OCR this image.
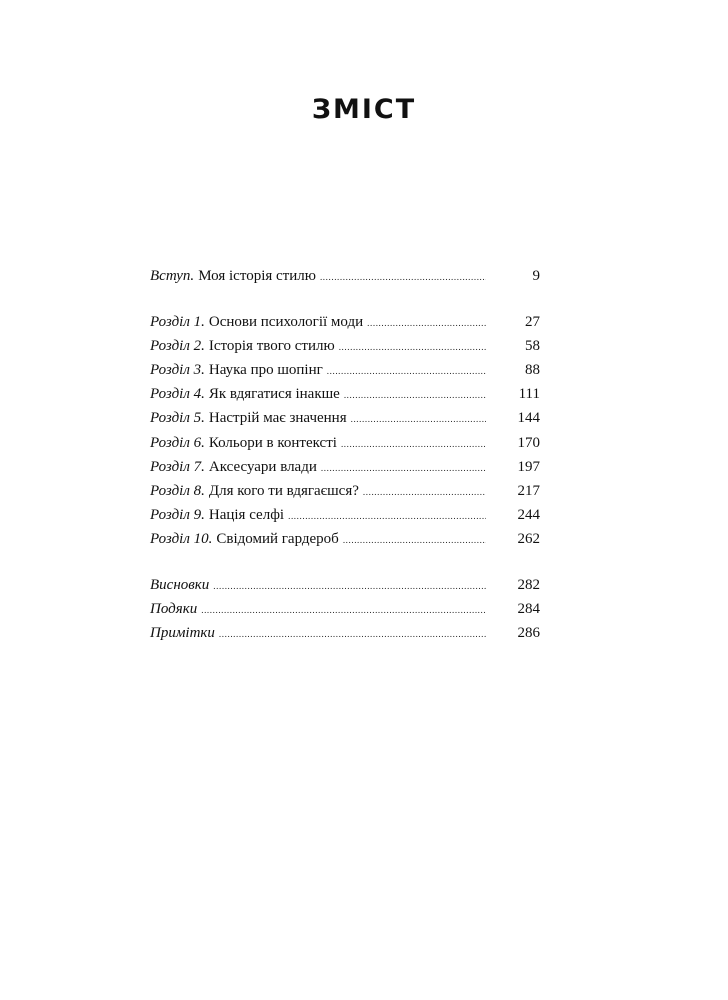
ЗМІСТ
Вступ. Моя історія стилю .....	9
Розділ 1. Основи психології моди .....	27
Розділ 2. Історія твого стилю .....	58
Розділ 3. Наука про шопінг .....	88
Розділ 4. Як вдягатися інакше .....	111
Розділ 5. Настрій має значення .....	144
Розділ 6. Кольори в контексті .....	170
Розділ 7. Аксесуари влади .....	197
Розділ 8. Для кого ти вдягаєшся? .....	217
Розділ 9. Нація селфі .....	244
Розділ 10. Свідомий гардероб .....	262
Висновки .....	282
Подяки .....	284
Примітки .....	286
